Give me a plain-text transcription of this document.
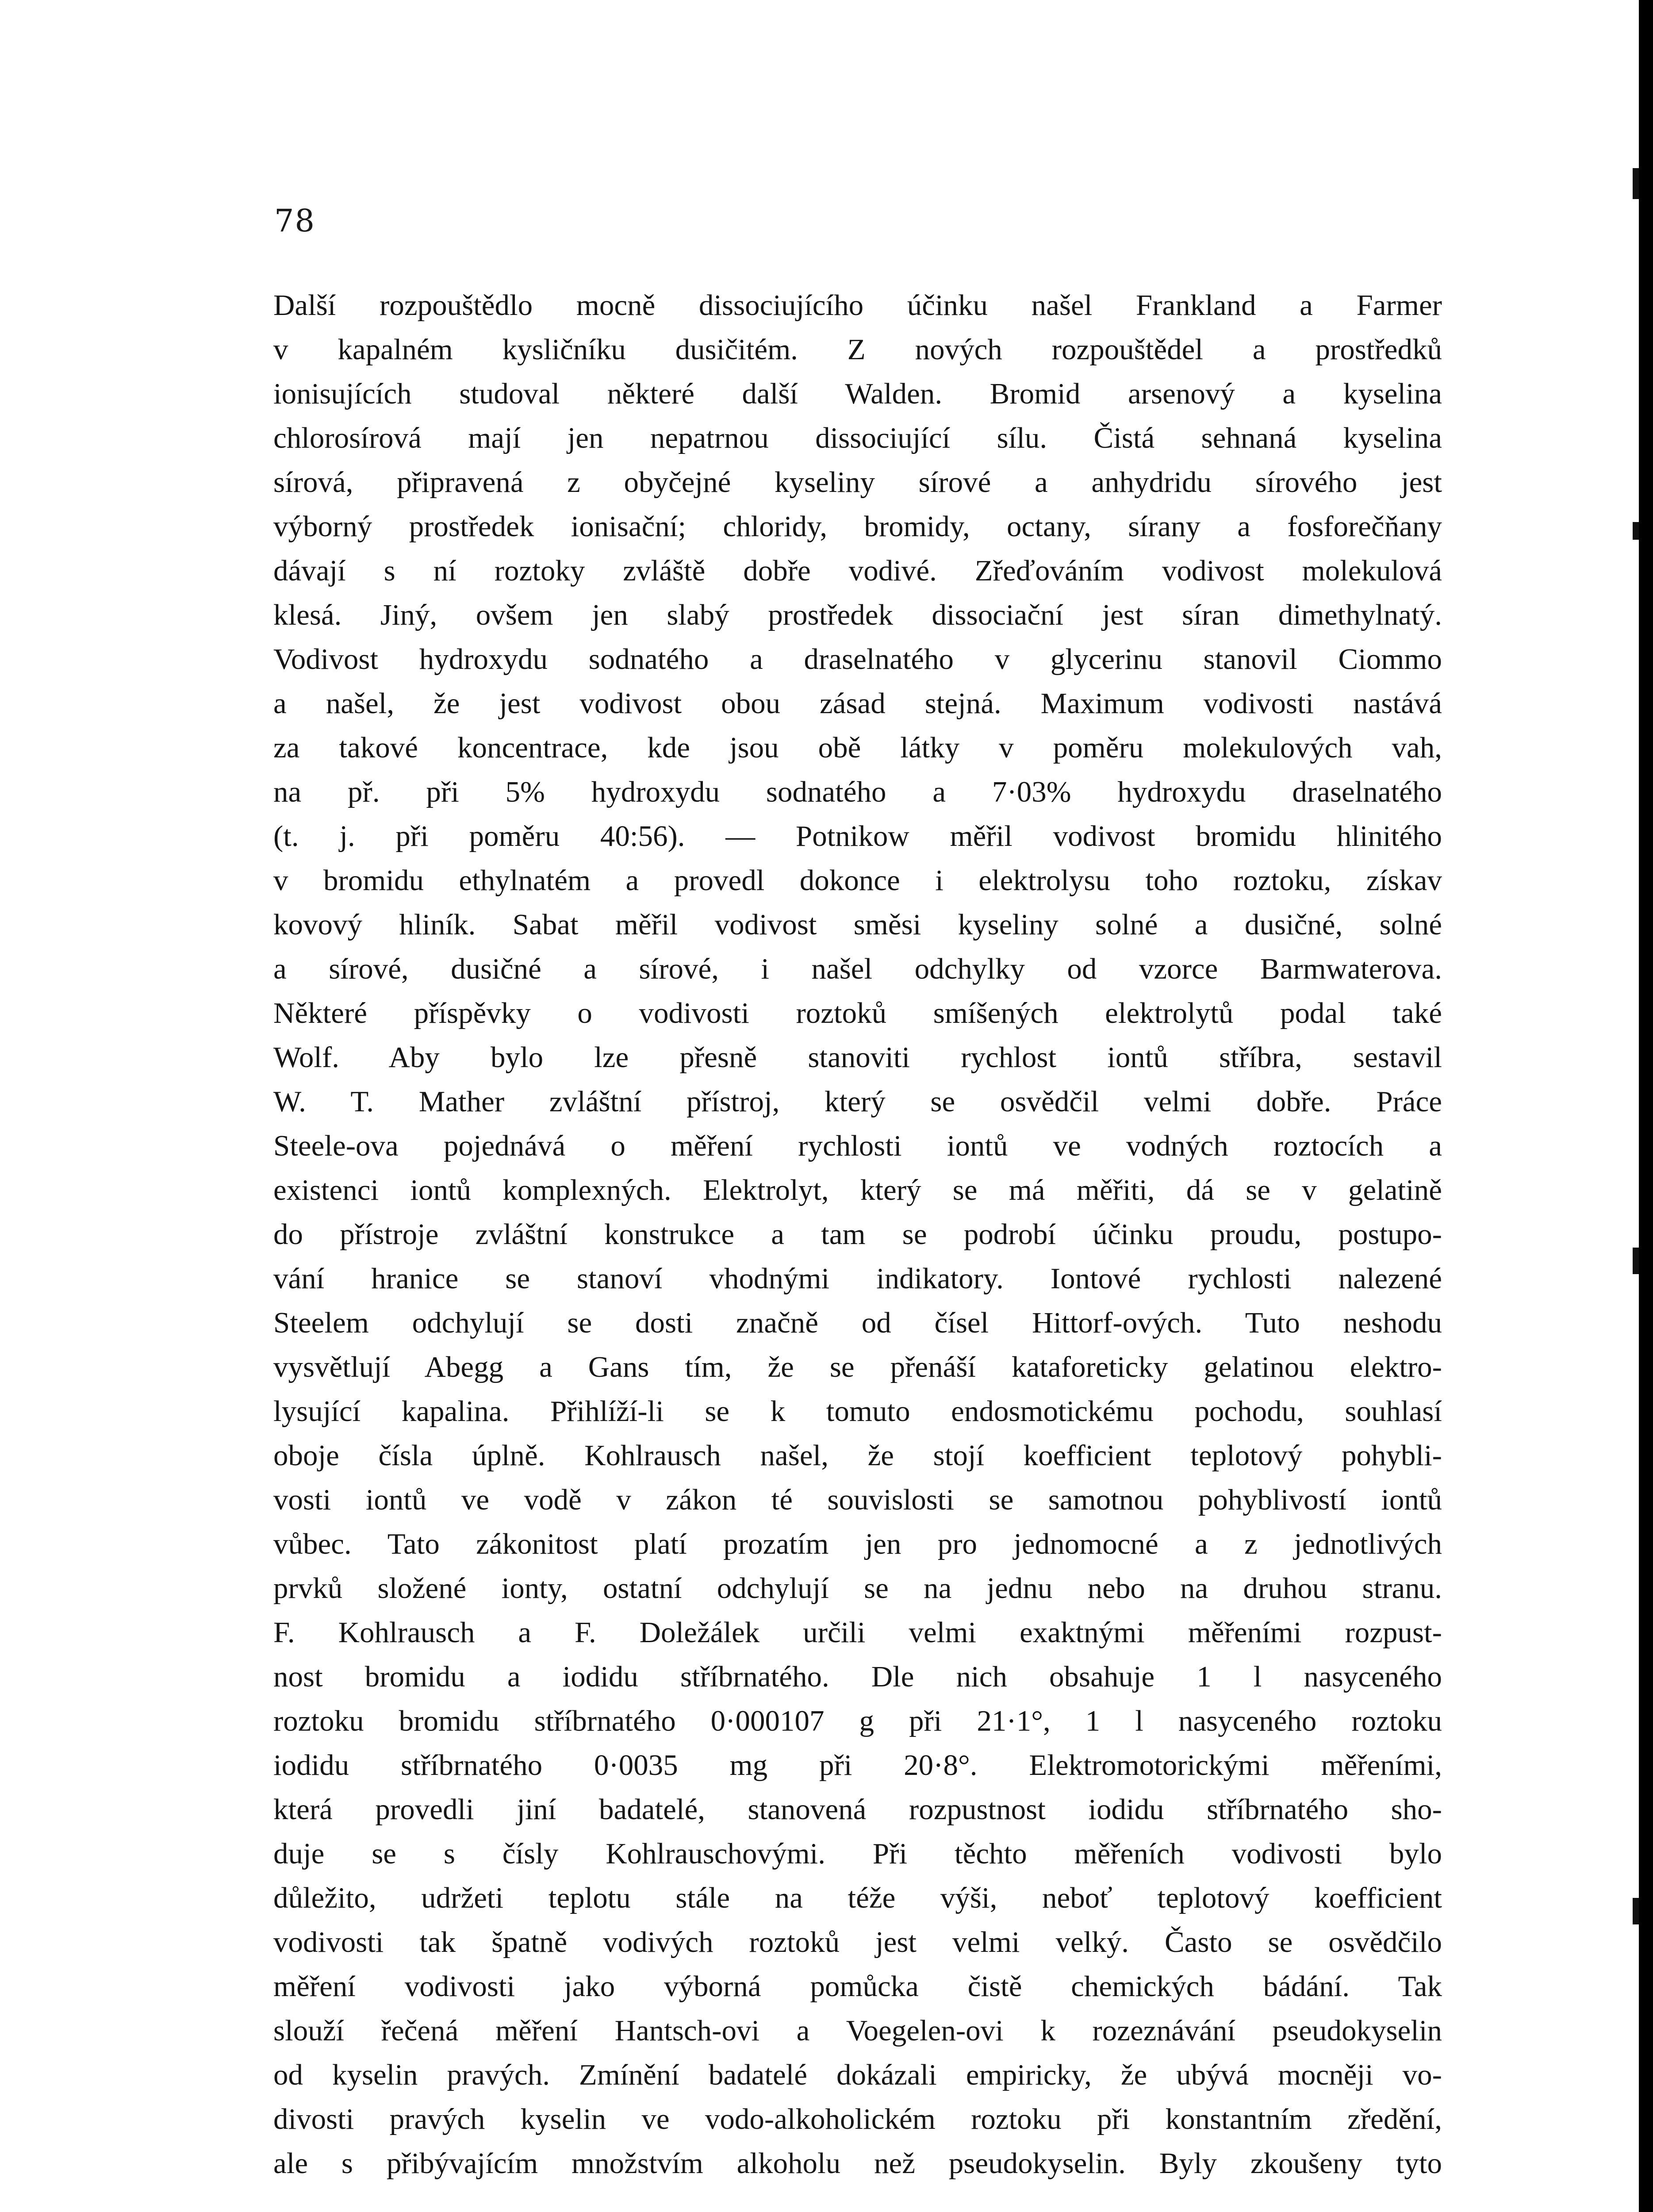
78
Další rozpouštědlo mocně dissociujícího účinku našel Frankland a Farmer
v kapalném kysličníku dusičitém. Z nových rozpouštědel a prostředků
ionisujících studoval některé další Walden. Bromid arsenový a kyselina
chlorosírová mají jen nepatrnou dissociující sílu. Čistá sehnaná kyselina
sírová, připravená z obyčejné kyseliny sírové a anhydridu sírového jest
výborný prostředek ionisační; chloridy, bromidy, octany, sírany a fosforečňany
dávají s ní roztoky zvláště dobře vodivé. Zřeďováním vodivost molekulová
klesá. Jiný, ovšem jen slabý prostředek dissociační jest síran dimethylnatý.
Vodivost hydroxydu sodnatého a draselnatého v glycerinu stanovil Ciommo
a našel, že jest vodivost obou zásad stejná. Maximum vodivosti nastává
za takové koncentrace, kde jsou obě látky v poměru molekulových vah,
na př. při 5% hydroxydu sodnatého a 7·03% hydroxydu draselnatého
(t. j. při poměru 40:56). — Potnikow měřil vodivost bromidu hlinitého
v bromidu ethylnatém a provedl dokonce i elektrolysu toho roztoku, získav
kovový hliník. Sabat měřil vodivost směsi kyseliny solné a dusičné, solné
a sírové, dusičné a sírové, i našel odchylky od vzorce Barmwaterova.
Některé příspěvky o vodivosti roztoků smíšených elektrolytů podal také
Wolf. Aby bylo lze přesně stanoviti rychlost iontů stříbra, sestavil
W. T. Mather zvláštní přístroj, který se osvědčil velmi dobře. Práce
Steele-ova pojednává o měření rychlosti iontů ve vodných roztocích a
existenci iontů komplexných. Elektrolyt, který se má měřiti, dá se v gelatině
do přístroje zvláštní konstrukce a tam se podrobí účinku proudu, postupo-
vání hranice se stanoví vhodnými indikatory. Iontové rychlosti nalezené
Steelem odchylují se dosti značně od čísel Hittorf-ových. Tuto neshodu
vysvětlují Abegg a Gans tím, že se přenáší kataforeticky gelatinou elektro-
lysující kapalina. Přihlíží-li se k tomuto endosmotickému pochodu, souhlasí
oboje čísla úplně. Kohlrausch našel, že stojí koefficient teplotový pohybli-
vosti iontů ve vodě v zákon té souvislosti se samotnou pohyblivostí iontů
vůbec. Tato zákonitost platí prozatím jen pro jednomocné a z jednotlivých
prvků složené ionty, ostatní odchylují se na jednu nebo na druhou stranu.
F. Kohlrausch a F. Doležálek určili velmi exaktnými měřeními rozpust-
nost bromidu a iodidu stříbrnatého. Dle nich obsahuje 1 l nasyceného
roztoku bromidu stříbrnatého 0·000107 g při 21·1°, 1 l nasyceného roztoku
iodidu stříbrnatého 0·0035 mg při 20·8°. Elektromotorickými měřeními,
která provedli jiní badatelé, stanovená rozpustnost iodidu stříbrnatého sho-
duje se s čísly Kohlrauschovými. Při těchto měřeních vodivosti bylo
důležito, udržeti teplotu stále na téže výši, neboť teplotový koefficient
vodivosti tak špatně vodivých roztoků jest velmi velký. Často se osvědčilo
měření vodivosti jako výborná pomůcka čistě chemických bádání. Tak
slouží řečená měření Hantsch-ovi a Voegelen-ovi k rozeznávání pseudokyselin
od kyselin pravých. Zmínění badatelé dokázali empiricky, že ubývá mocněji vo-
divosti pravých kyselin ve vodo-alkoholickém roztoku při konstantním zředění,
ale s přibývajícím množstvím alkoholu než pseudokyselin. Byly zkoušeny tyto
